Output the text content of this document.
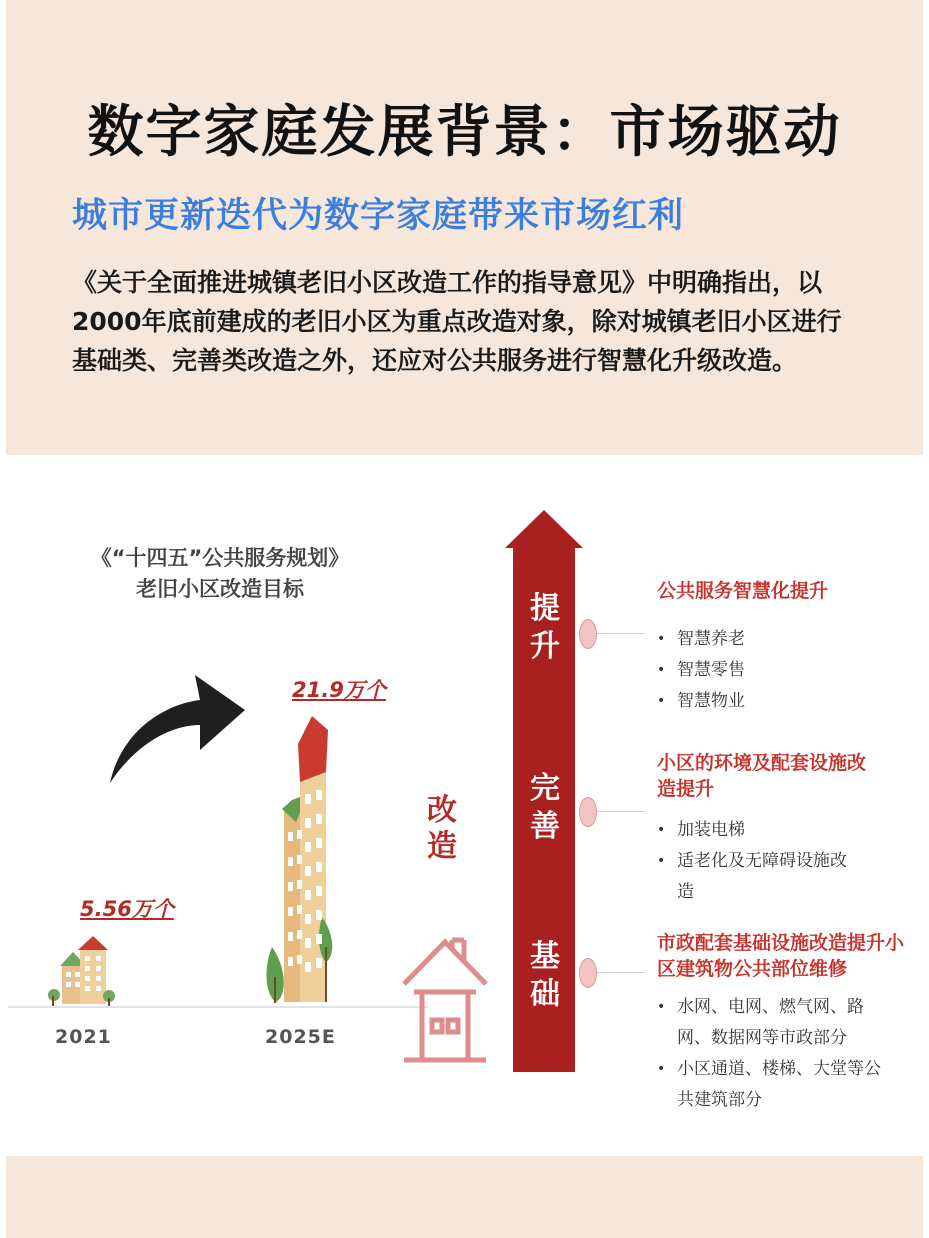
数字家庭发展背景：市场驱动
城市更新迭代为数字家庭带来市场红利
《关于全面推进城镇老旧小区改造工作的指导意见》中明确指出，以2000年底前建成的老旧小区为重点改造对象，除对城镇老旧小区进行基础类、完善类改造之外，还应对公共服务进行智慧化升级改造。
《“十四五”公共服务规划》
老旧小区改造目标
5.56万个
21.9万个
2021	2025E
改造
提升
完善
基础
公共服务智慧化提升
• 智慧养老
• 智慧零售
• 智慧物业
小区的环境及配套设施改造提升
• 加装电梯
• 适老化及无障碍设施改造
市政配套基础设施改造提升小区建筑物公共部位维修
• 水网、电网、燃气网、路网、数据网等市政部分
• 小区通道、楼梯、大堂等公共建筑部分
